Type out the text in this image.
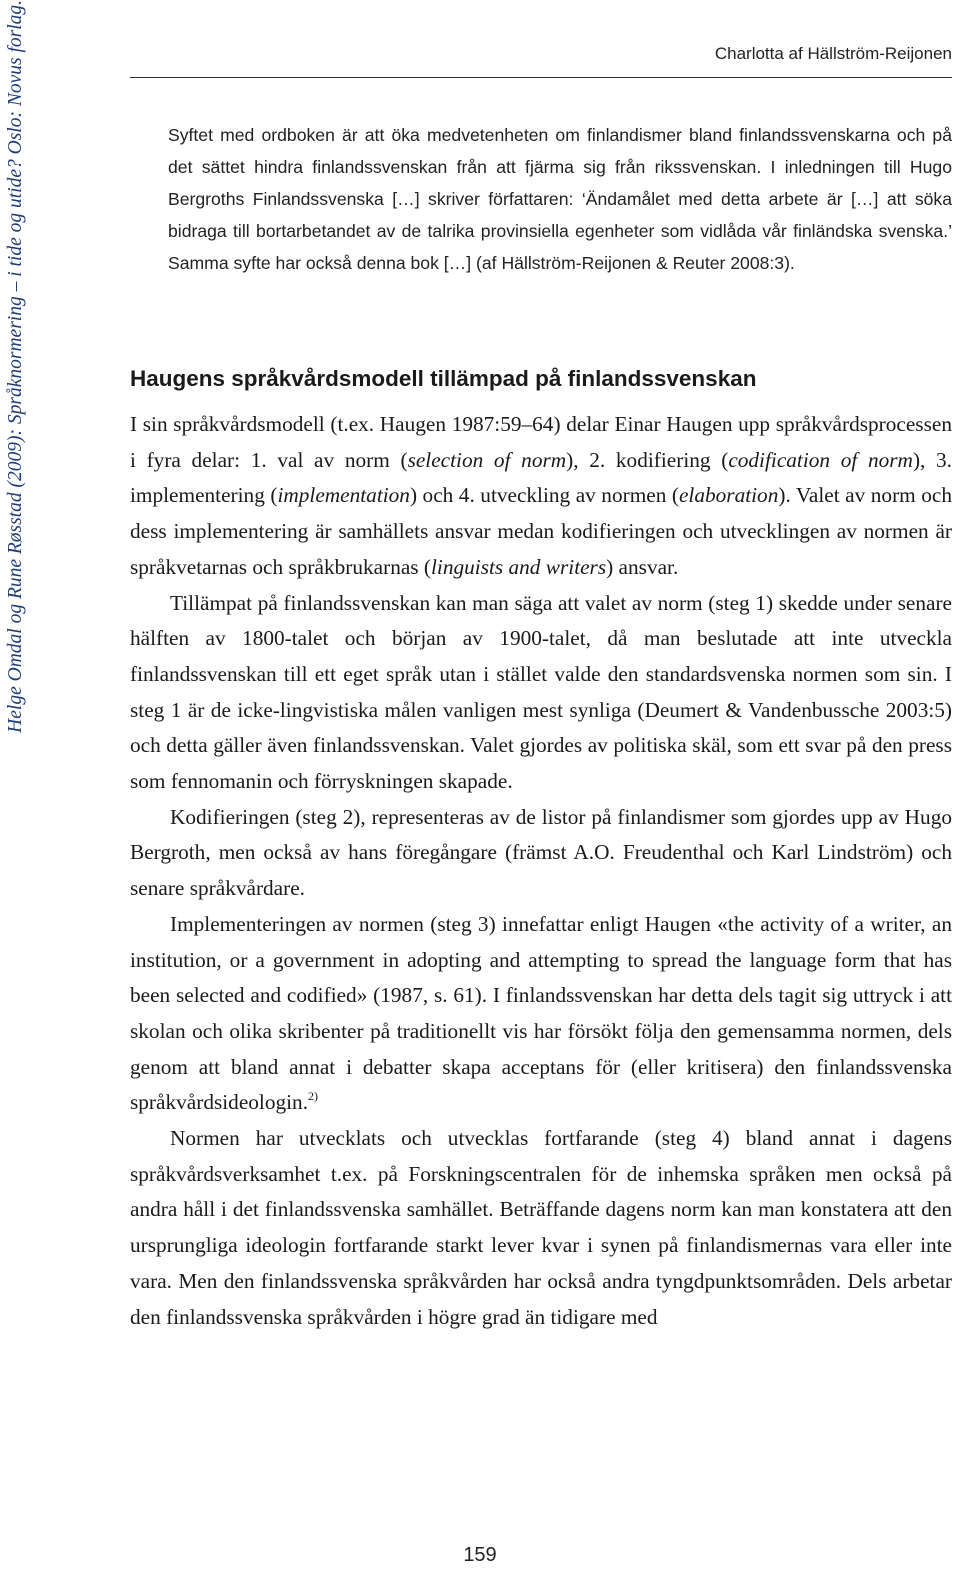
Helge Omdal og Rune Røsstad (2009): Språknormering – i tide og utide? Oslo: Novus forlag.	Charlotta af Hällström-Reijonen

Syftet med ordboken är att öka medvetenheten om finlandismer bland finlandssvenskarna och på det sättet hindra finlandssvenskan från att fjärma sig från rikssvenskan. I inledningen till Hugo Bergroths Finlandssvenska […] skriver författaren: ‘Ändamålet med detta arbete är […] att söka bidraga till bortarbetandet av de talrika provinsiella egenheter som vidlåda vår finländska svenska.’ Samma syfte har också denna bok […] (af Hällström-Reijonen & Reuter 2008:3).

Haugens språkvårdsmodell tillämpad på finlandssvenskan

I sin språkvårdsmodell (t.ex. Haugen 1987:59–64) delar Einar Haugen upp språkvårdsprocessen i fyra delar: 1. val av norm (selection of norm), 2. kodifiering (codification of norm), 3. implementering (implementation) och 4. utveckling av normen (elaboration). Valet av norm och dess implementering är samhällets ansvar medan kodifieringen och utvecklingen av normen är språkvetarnas och språkbrukarnas (linguists and writers) ansvar.

Tillämpat på finlandssvenskan kan man säga att valet av norm (steg 1) skedde under senare hälften av 1800-talet och början av 1900-talet, då man beslutade att inte utveckla finlandssvenskan till ett eget språk utan i stället valde den standardsvenska normen som sin. I steg 1 är de icke-lingvistiska målen vanligen mest synliga (Deumert & Vandenbussche 2003:5) och detta gäller även finlandssvenskan. Valet gjordes av politiska skäl, som ett svar på den press som fennomanin och förryskningen skapade.

Kodifieringen (steg 2), representeras av de listor på finlandismer som gjordes upp av Hugo Bergroth, men också av hans föregångare (främst A.O. Freudenthal och Karl Lindström) och senare språkvårdare.

Implementeringen av normen (steg 3) innefattar enligt Haugen «the activity of a writer, an institution, or a government in adopting and attempting to spread the language form that has been selected and codified» (1987, s. 61). I finlandssvenskan har detta dels tagit sig uttryck i att skolan och olika skribenter på traditionellt vis har försökt följa den gemensamma normen, dels genom att bland annat i debatter skapa acceptans för (eller kritisera) den finlandssvenska språkvårdsideologin.$^{2)}$

Normen har utvecklats och utvecklas fortfarande (steg 4) bland annat i dagens språkvårdsverksamhet t.ex. på Forskningscentralen för de inhemska språken men också på andra håll i det finlandssvenska samhället. Beträffande dagens norm kan man konstatera att den ursprungliga ideologin fortfarande starkt lever kvar i synen på finlandismernas vara eller inte vara. Men den finlandssvenska språkvården har också andra tyngdpunktsområden. Dels arbetar den finlandssvenska språkvården i högre grad än tidigare med

159
